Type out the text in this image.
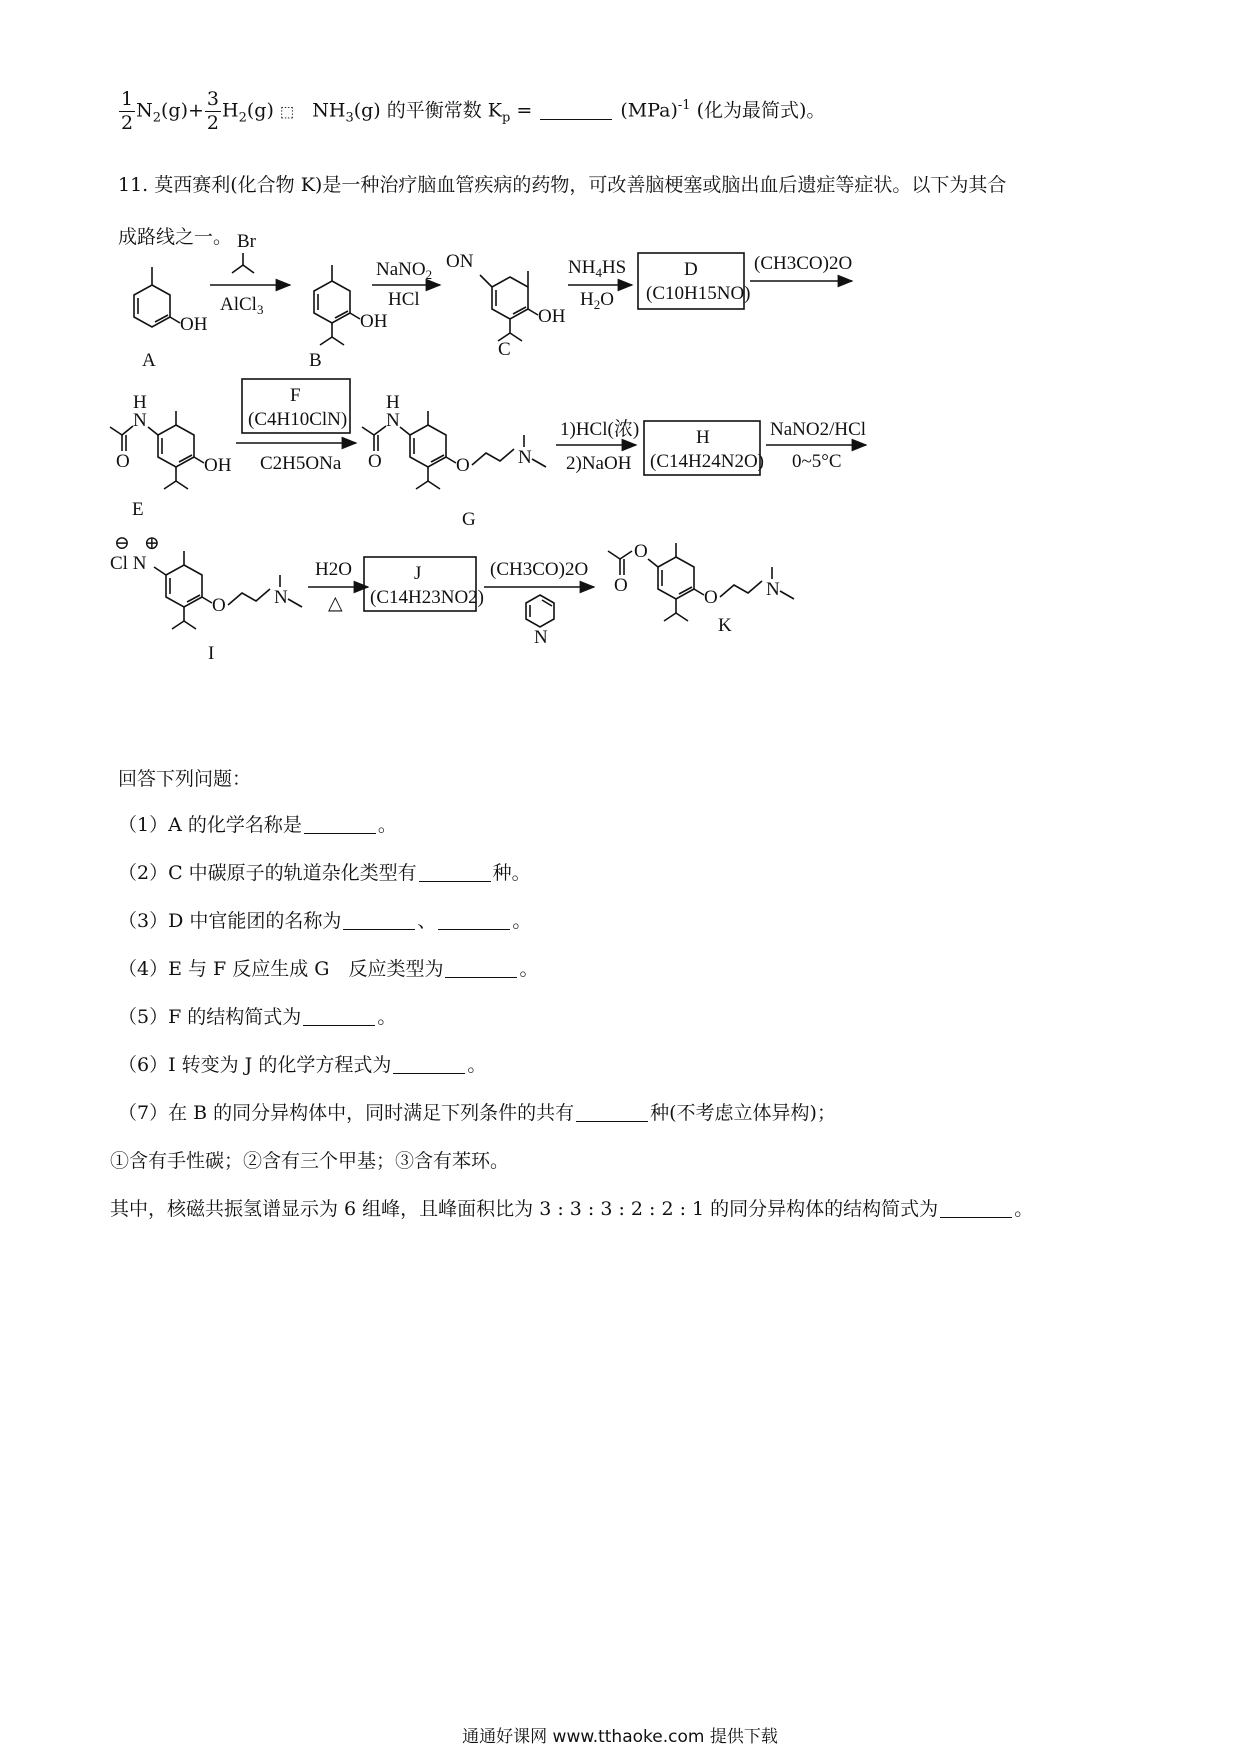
$\frac{1}{2} N_2(g)+ \frac{3}{2} H_2(g)$ ⬚ $NH_3(g)$ 的平衡常数 $K_p$ =	(MPa)$^{-1}$ (化为最简式)。
11. 莫西赛利(化合物 K)是一种治疗脑血管疾病的药物，可改善脑梗塞或脑出血后遗症等症状。以下为其合
成路线之一。
OH
A
Br
AlCl$_3$
OH
B
NaNO$_2$
HCl
ON
OH
C
$NH_4HS$
$H_2O$
D
(C10H15NO)
(CH3CO)2O
N
H
O	OH
E
F
(C4H10ClN)
C2H5ONa
N
H
O	O	N
G
1)HCl(浓)
2)NaOH
H
(C14H24N2O)
NaNO2/HCl
0~5°C
⊖ ⊕
Cl N
O	N
I
H2O
△
J
(C14H23NO2)
(CH3CO)2O
N
O
O
O	N
K
回答下列问题：
（1）A 的化学名称是	。
（2）C 中碳原子的轨道杂化类型有	种。
（3）D 中官能团的名称为	、	。
（4）E 与 F 反应生成 G　反应类型为	。
（5）F 的结构简式为	。
（6）I 转变为 J 的化学方程式为	。
（7）在 B 的同分异构体中，同时满足下列条件的共有	种(不考虑立体异构)；
①含有手性碳；②含有三个甲基；③含有苯环。
其中，核磁共振氢谱显示为 6 组峰，且峰面积比为 3 : 3 : 3 : 2 : 2 : 1 的同分异构体的结构简式为	。
通通好课网 www.tthaoke.com 提供下载
